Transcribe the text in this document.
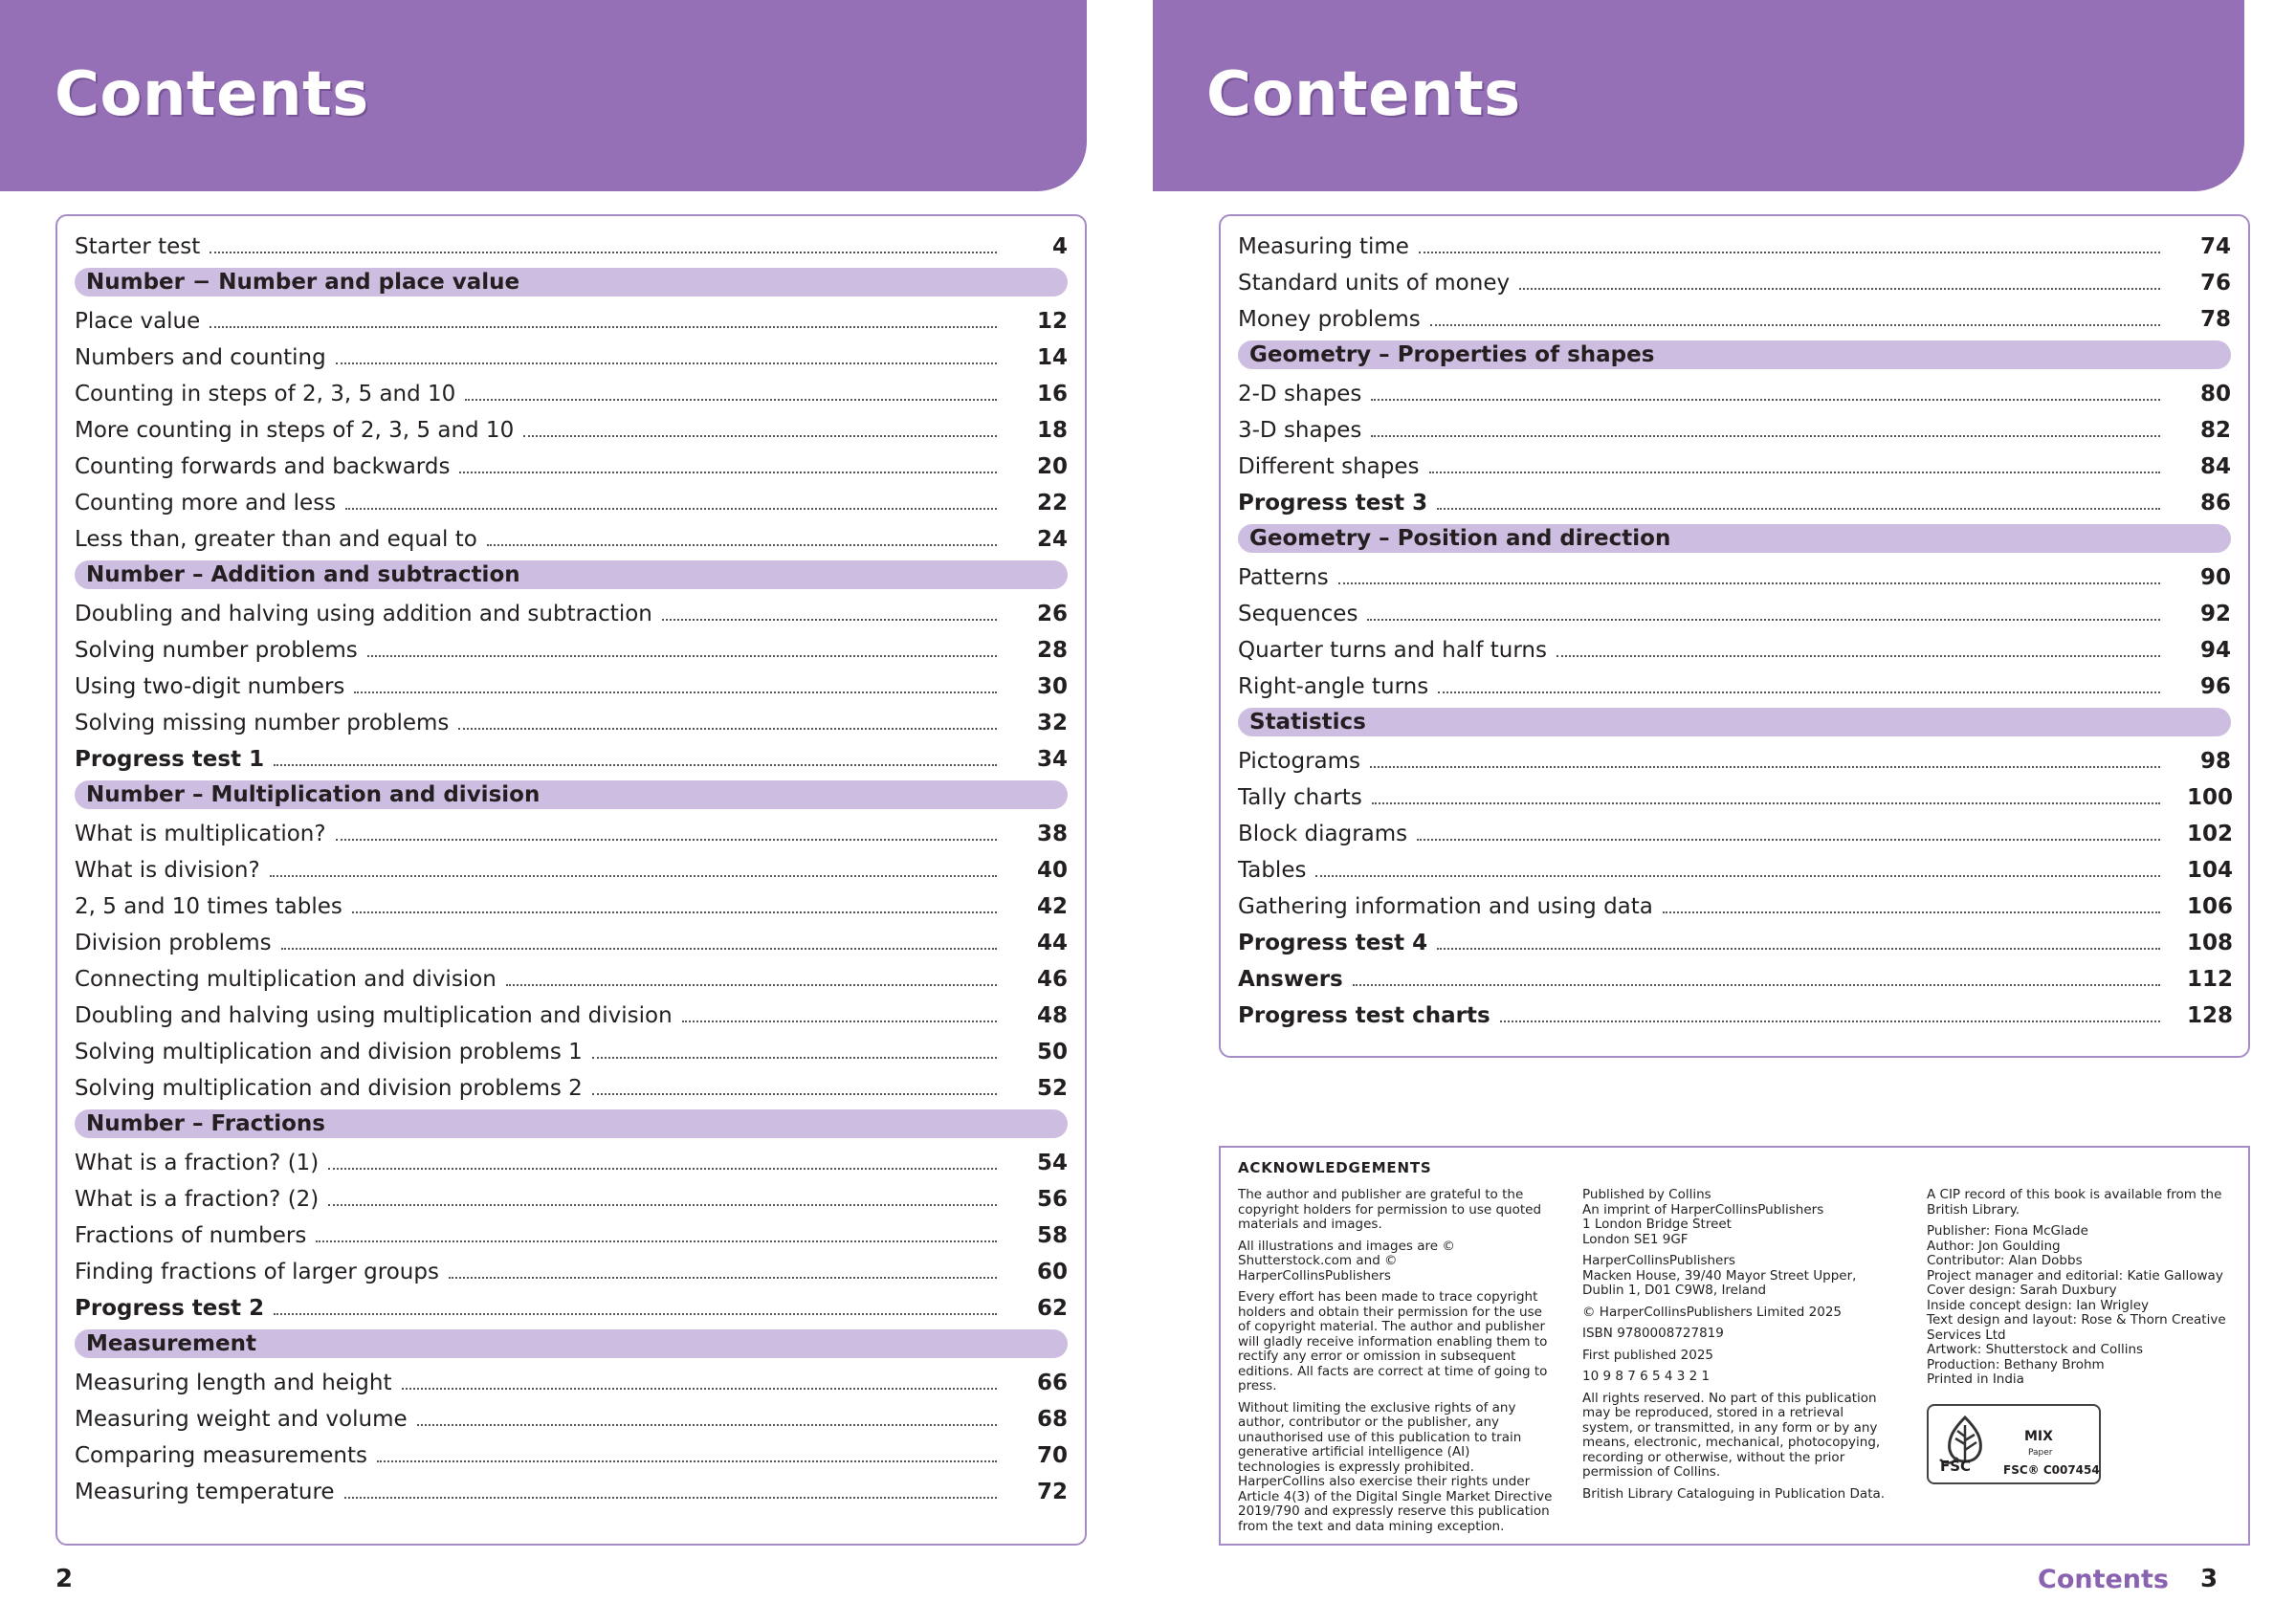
Contents
Starter test	4
Number − Number and place value
Place value	12
Numbers and counting	14
Counting in steps of 2, 3, 5 and 10	16
More counting in steps of 2, 3, 5 and 10	18
Counting forwards and backwards	20
Counting more and less	22
Less than, greater than and equal to	24
Number – Addition and subtraction
Doubling and halving using addition and subtraction	26
Solving number problems	28
Using two-digit numbers	30
Solving missing number problems	32
Progress test 1	34
Number – Multiplication and division
What is multiplication?	38
What is division?	40
2, 5 and 10 times tables	42
Division problems	44
Connecting multiplication and division	46
Doubling and halving using multiplication and division	48
Solving multiplication and division problems 1	50
Solving multiplication and division problems 2	52
Number – Fractions
What is a fraction? (1)	54
What is a fraction? (2)	56
Fractions of numbers	58
Finding fractions of larger groups	60
Progress test 2	62
Measurement
Measuring length and height	66
Measuring weight and volume	68
Comparing measurements	70
Measuring temperature	72
2
Contents
Measuring time	74
Standard units of money	76
Money problems	78
Geometry – Properties of shapes
2-D shapes	80
3-D shapes	82
Different shapes	84
Progress test 3	86
Geometry – Position and direction
Patterns	90
Sequences	92
Quarter turns and half turns	94
Right-angle turns	96
Statistics
Pictograms	98
Tally charts	100
Block diagrams	102
Tables	104
Gathering information and using data	106
Progress test 4	108
Answers	112
Progress test charts	128
ACKNOWLEDGEMENTS

The author and publisher are grateful to the copyright holders for permission to use quoted materials and images.

All illustrations and images are © Shutterstock.com and © HarperCollinsPublishers

Every effort has been made to trace copyright holders and obtain their permission for the use of copyright material. The author and publisher will gladly receive information enabling them to rectify any error or omission in subsequent editions. All facts are correct at time of going to press.

Without limiting the exclusive rights of any author, contributor or the publisher, any unauthorised use of this publication to train generative artificial intelligence (AI) technologies is expressly prohibited. HarperCollins also exercise their rights under Article 4(3) of the Digital Single Market Directive 2019/790 and expressly reserve this publication from the text and data mining exception.

Published by Collins
An imprint of HarperCollinsPublishers
1 London Bridge Street
London SE1 9GF

HarperCollinsPublishers
Macken House, 39/40 Mayor Street Upper,
Dublin 1, D01 C9W8, Ireland

© HarperCollinsPublishers Limited 2025

ISBN 9780008727819

First published 2025

10 9 8 7 6 5 4 3 2 1

All rights reserved. No part of this publication may be reproduced, stored in a retrieval system, or transmitted, in any form or by any means, electronic, mechanical, photocopying, recording or otherwise, without the prior permission of Collins.

British Library Cataloguing in Publication Data.

A CIP record of this book is available from the British Library.

Publisher: Fiona McGlade
Author: Jon Goulding
Contributor: Alan Dobbs
Project manager and editorial: Katie Galloway
Cover design: Sarah Duxbury
Inside concept design: Ian Wrigley
Text design and layout: Rose & Thorn Creative Services Ltd
Artwork: Shutterstock and Collins
Production: Bethany Brohm
Printed in India

FSC
MIX
Paper
FSC® C007454
Contents 3
